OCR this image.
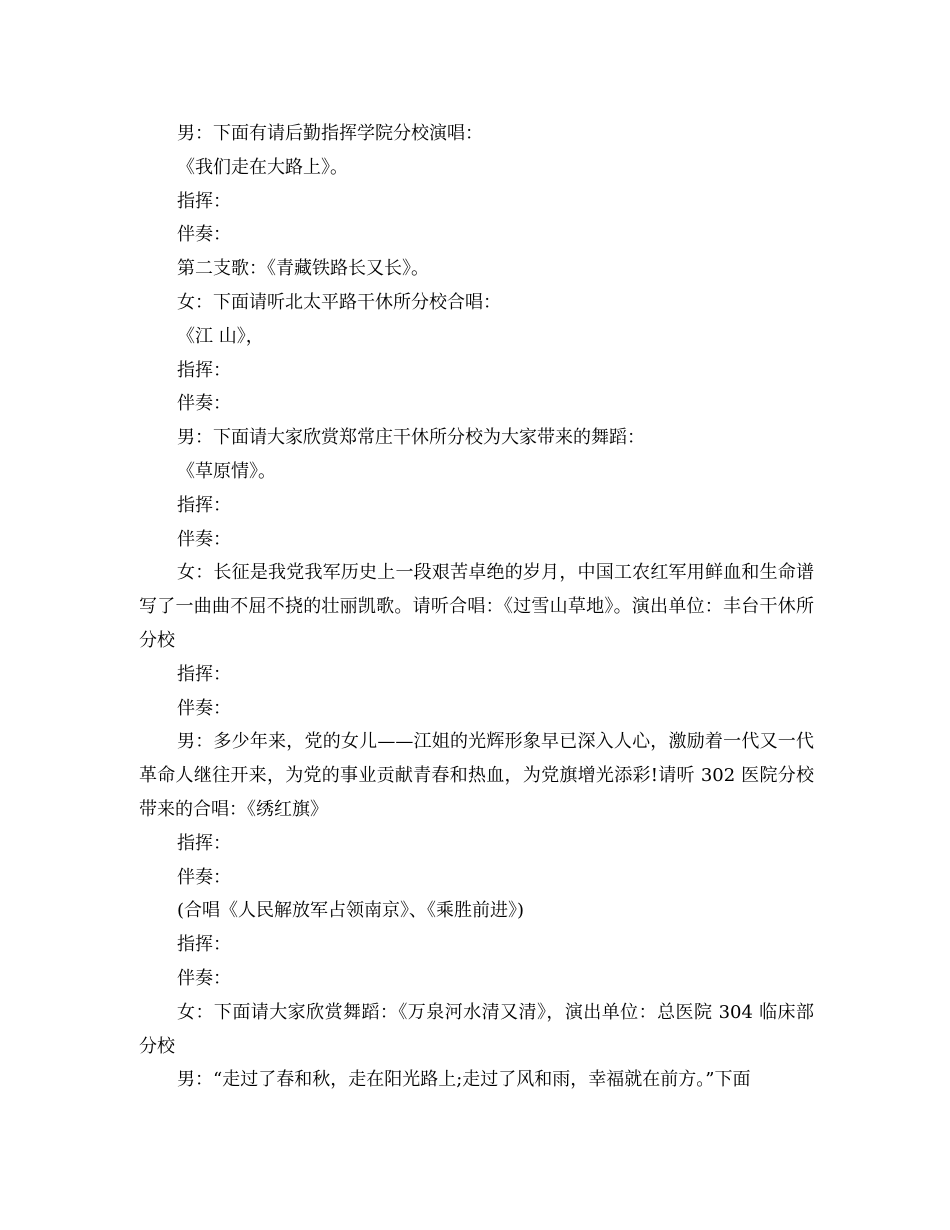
男：下面有请后勤指挥学院分校演唱：

《我们走在大路上》。

指挥：

伴奏：

第二支歌：《青藏铁路长又长》。

女：下面请听北太平路干休所分校合唱：

《江 山》，

指挥：

伴奏：

男：下面请大家欣赏郑常庄干休所分校为大家带来的舞蹈：

《草原情》。

指挥：

伴奏：

女：长征是我党我军历史上一段艰苦卓绝的岁月，中国工农红军用鲜血和生命谱写了一曲曲不屈不挠的壮丽凯歌。请听合唱：《过雪山草地》。演出单位：丰台干休所分校

指挥：

伴奏：

男：多少年来，党的女儿——江姐的光辉形象早已深入人心，激励着一代又一代革命人继往开来，为党的事业贡献青春和热血，为党旗增光添彩!请听 302 医院分校带来的合唱：《绣红旗》

指挥：

伴奏：

(合唱《人民解放军占领南京》、《乘胜前进》)

指挥：

伴奏：

女：下面请大家欣赏舞蹈：《万泉河水清又清》，演出单位：总医院 304 临床部分校

男：“走过了春和秋，走在阳光路上;走过了风和雨，幸福就在前方。”下面
